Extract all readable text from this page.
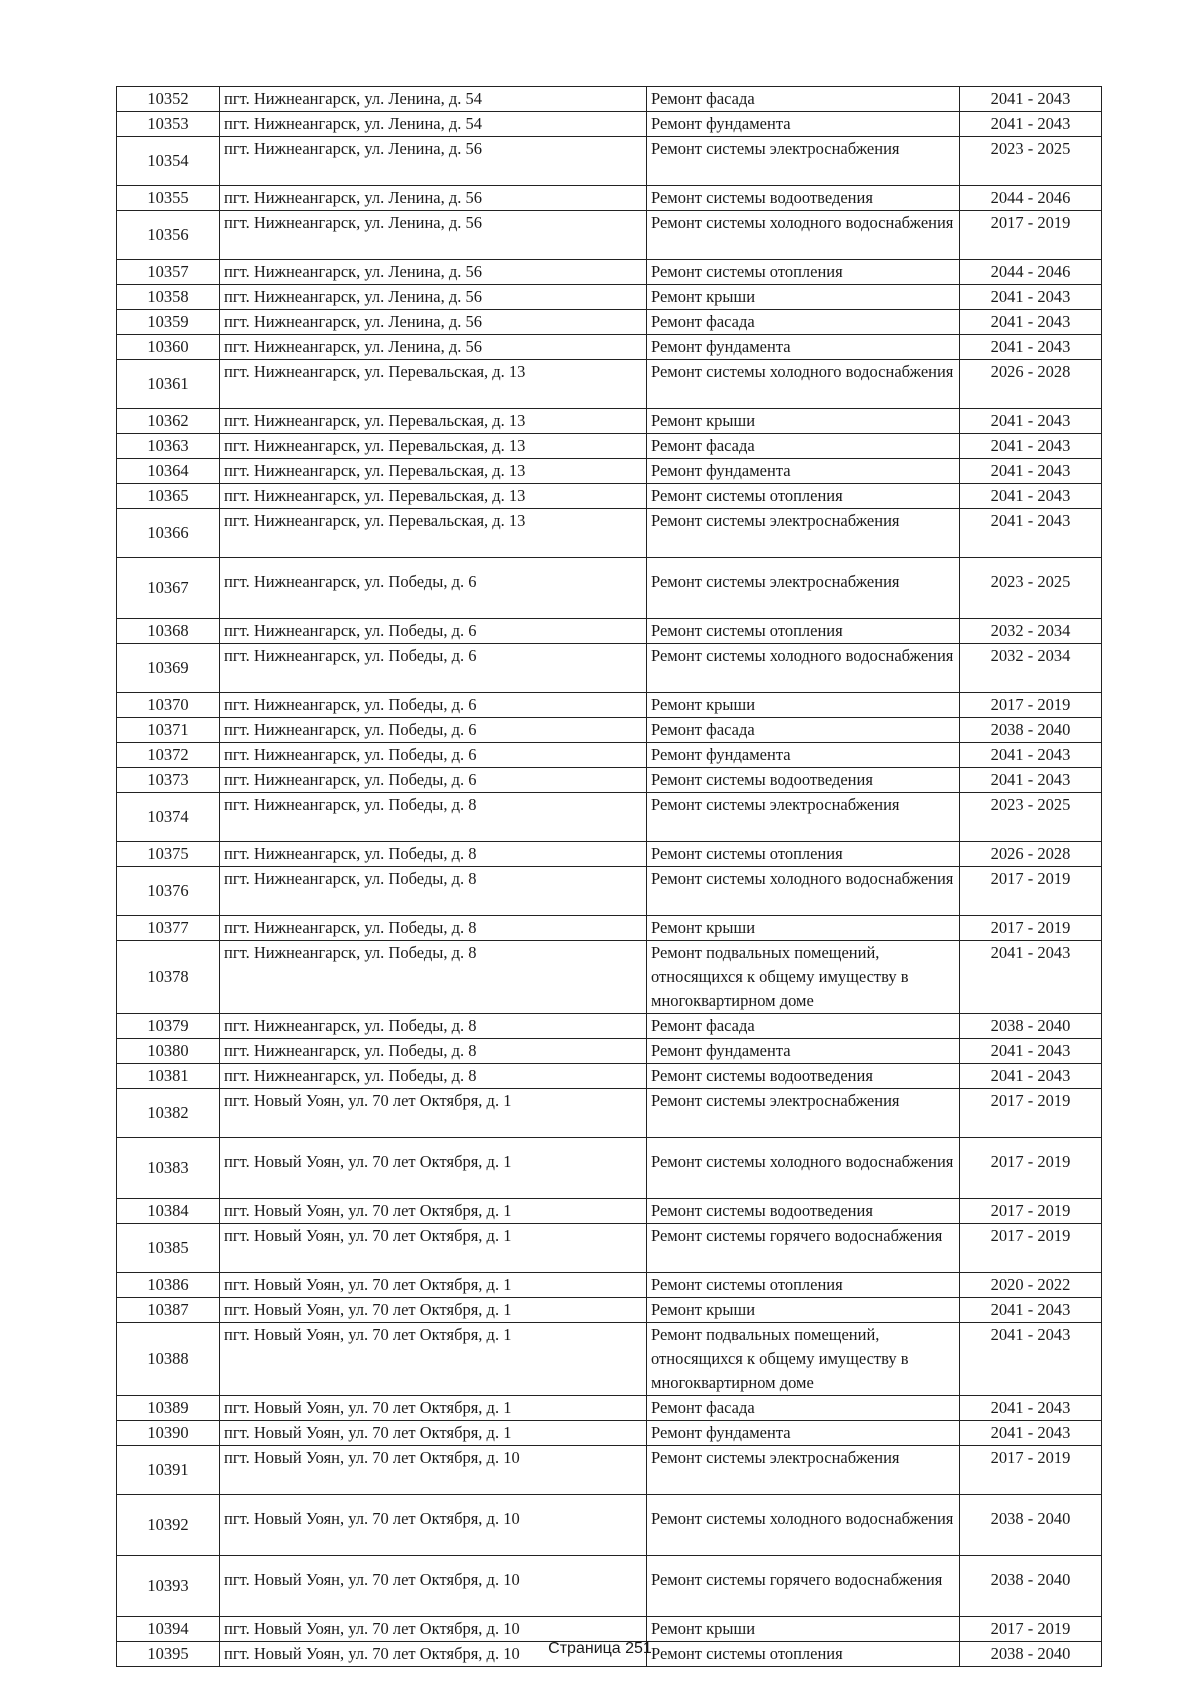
10352	пгт. Нижнеангарск, ул. Ленина, д. 54	Ремонт фасада	2041 - 2043
10353	пгт. Нижнеангарск, ул. Ленина, д. 54	Ремонт фундамента	2041 - 2043
10354	пгт. Нижнеангарск, ул. Ленина, д. 56	Ремонт системы электроснабжения	2023 - 2025
10355	пгт. Нижнеангарск, ул. Ленина, д. 56	Ремонт системы водоотведения	2044 - 2046
10356	пгт. Нижнеангарск, ул. Ленина, д. 56	Ремонт системы холодного водоснабжения	2017 - 2019
10357	пгт. Нижнеангарск, ул. Ленина, д. 56	Ремонт системы отопления	2044 - 2046
10358	пгт. Нижнеангарск, ул. Ленина, д. 56	Ремонт крыши	2041 - 2043
10359	пгт. Нижнеангарск, ул. Ленина, д. 56	Ремонт фасада	2041 - 2043
10360	пгт. Нижнеангарск, ул. Ленина, д. 56	Ремонт фундамента	2041 - 2043
10361	пгт. Нижнеангарск, ул. Перевальская, д. 13	Ремонт системы холодного водоснабжения	2026 - 2028
10362	пгт. Нижнеангарск, ул. Перевальская, д. 13	Ремонт крыши	2041 - 2043
10363	пгт. Нижнеангарск, ул. Перевальская, д. 13	Ремонт фасада	2041 - 2043
10364	пгт. Нижнеангарск, ул. Перевальская, д. 13	Ремонт фундамента	2041 - 2043
10365	пгт. Нижнеангарск, ул. Перевальская, д. 13	Ремонт системы отопления	2041 - 2043
10366	пгт. Нижнеангарск, ул. Перевальская, д. 13	Ремонт системы электроснабжения	2041 - 2043
10367	пгт. Нижнеангарск, ул. Победы, д. 6	Ремонт системы электроснабжения	2023 - 2025
10368	пгт. Нижнеангарск, ул. Победы, д. 6	Ремонт системы отопления	2032 - 2034
10369	пгт. Нижнеангарск, ул. Победы, д. 6	Ремонт системы холодного водоснабжения	2032 - 2034
10370	пгт. Нижнеангарск, ул. Победы, д. 6	Ремонт крыши	2017 - 2019
10371	пгт. Нижнеангарск, ул. Победы, д. 6	Ремонт фасада	2038 - 2040
10372	пгт. Нижнеангарск, ул. Победы, д. 6	Ремонт фундамента	2041 - 2043
10373	пгт. Нижнеангарск, ул. Победы, д. 6	Ремонт системы водоотведения	2041 - 2043
10374	пгт. Нижнеангарск, ул. Победы, д. 8	Ремонт системы электроснабжения	2023 - 2025
10375	пгт. Нижнеангарск, ул. Победы, д. 8	Ремонт системы отопления	2026 - 2028
10376	пгт. Нижнеангарск, ул. Победы, д. 8	Ремонт системы холодного водоснабжения	2017 - 2019
10377	пгт. Нижнеангарск, ул. Победы, д. 8	Ремонт крыши	2017 - 2019
10378	пгт. Нижнеангарск, ул. Победы, д. 8	Ремонт подвальных помещений, относящихся к общему имуществу в многоквартирном доме	2041 - 2043
10379	пгт. Нижнеангарск, ул. Победы, д. 8	Ремонт фасада	2038 - 2040
10380	пгт. Нижнеангарск, ул. Победы, д. 8	Ремонт фундамента	2041 - 2043
10381	пгт. Нижнеангарск, ул. Победы, д. 8	Ремонт системы водоотведения	2041 - 2043
10382	пгт. Новый Уоян, ул. 70 лет Октября, д. 1	Ремонт системы электроснабжения	2017 - 2019
10383	пгт. Новый Уоян, ул. 70 лет Октября, д. 1	Ремонт системы холодного водоснабжения	2017 - 2019
10384	пгт. Новый Уоян, ул. 70 лет Октября, д. 1	Ремонт системы водоотведения	2017 - 2019
10385	пгт. Новый Уоян, ул. 70 лет Октября, д. 1	Ремонт системы горячего водоснабжения	2017 - 2019
10386	пгт. Новый Уоян, ул. 70 лет Октября, д. 1	Ремонт системы отопления	2020 - 2022
10387	пгт. Новый Уоян, ул. 70 лет Октября, д. 1	Ремонт крыши	2041 - 2043
10388	пгт. Новый Уоян, ул. 70 лет Октября, д. 1	Ремонт подвальных помещений, относящихся к общему имуществу в многоквартирном доме	2041 - 2043
10389	пгт. Новый Уоян, ул. 70 лет Октября, д. 1	Ремонт фасада	2041 - 2043
10390	пгт. Новый Уоян, ул. 70 лет Октября, д. 1	Ремонт фундамента	2041 - 2043
10391	пгт. Новый Уоян, ул. 70 лет Октября, д. 10	Ремонт системы электроснабжения	2017 - 2019
10392	пгт. Новый Уоян, ул. 70 лет Октября, д. 10	Ремонт системы холодного водоснабжения	2038 - 2040
10393	пгт. Новый Уоян, ул. 70 лет Октября, д. 10	Ремонт системы горячего водоснабжения	2038 - 2040
10394	пгт. Новый Уоян, ул. 70 лет Октября, д. 10	Ремонт крыши	2017 - 2019
10395	пгт. Новый Уоян, ул. 70 лет Октября, д. 10	Ремонт системы отопления	2038 - 2040
Страница 251
